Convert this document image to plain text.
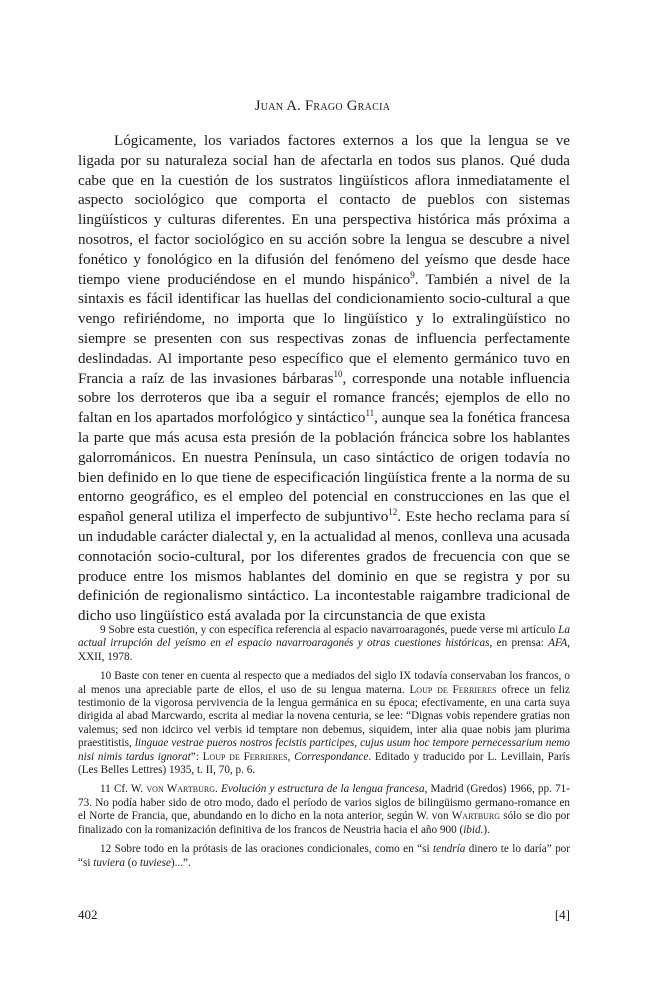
Juan A. Frago Gracia

Lógicamente, los variados factores externos a los que la lengua se ve ligada por su naturaleza social han de afectarla en todos sus planos. Qué duda cabe que en la cuestión de los sustratos lingüísticos aflora inmediatamente el aspecto sociológico que comporta el contacto de pueblos con sistemas lingüísticos y culturas diferentes. En una perspectiva histórica más próxima a nosotros, el factor sociológico en su acción sobre la lengua se descubre a nivel fonético y fonológico en la difusión del fenómeno del yeísmo que desde hace tiempo viene produciéndose en el mundo hispánico$^9$. También a nivel de la sintaxis es fácil identificar las huellas del condicionamiento socio-cultural a que vengo refiriéndome, no importa que lo lingüístico y lo extralingüístico no siempre se presenten con sus respectivas zonas de influencia perfectamente deslindadas. Al importante peso específico que el elemento germánico tuvo en Francia a raíz de las invasiones bárbaras$^{10}$, corresponde una notable influencia sobre los derroteros que iba a seguir el romance francés; ejemplos de ello no faltan en los apartados morfológico y sintáctico$^{11}$, aunque sea la fonética francesa la parte que más acusa esta presión de la población fráncica sobre los hablantes galorrománicos. En nuestra Península, un caso sintáctico de origen todavía no bien definido en lo que tiene de especificación lingüística frente a la norma de su entorno geográfico, es el empleo del potencial en construcciones en las que el español general utiliza el imperfecto de subjuntivo$^{12}$. Este hecho reclama para sí un indudable carácter dialectal y, en la actualidad al menos, conlleva una acusada connotación socio-cultural, por los diferentes grados de frecuencia con que se produce entre los mismos hablantes del dominio en que se registra y por su definición de regionalismo sintáctico. La incontestable raigambre tradicional de dicho uso lingüístico está avalada por la circunstancia de que exista

9 Sobre esta cuestión, y con específica referencia al espacio navarroaragonés, puede verse mi artículo La actual irrupción del yeísmo en el espacio navarroaragonés y otras cuestiones históricas, en prensa: AFA, XXII, 1978.

10 Baste con tener en cuenta al respecto que a mediados del siglo IX todavía conservaban los francos, o al menos una apreciable parte de ellos, el uso de su lengua materna. Loup de Ferrieres ofrece un feliz testimonio de la vigorosa pervivencia de la lengua germánica en su época; efectivamente, en una carta suya dirigida al abad Marcwardo, escrita al mediar la novena centuria, se lee: “Dignas vobis rependere gratias non valemus; sed non idcirco vel verbis id temptare non debemus, siquidem, inter alia quae nobis jam plurima praestitistis, linguae vestrae pueros nostros fecistis participes, cujus usum hoc tempore pernecessarium nemo nisi nimis tardus ignorat”: Loup de Ferrieres, Correspondance. Editado y traducido por L. Levillain, París (Les Belles Lettres) 1935, t. II, 70, p. 6.

11 Cf. W. von Wartburg. Evolución y estructura de la lengua francesa, Madrid (Gredos) 1966, pp. 71-73. No podía haber sido de otro modo, dado el período de varios siglos de bilingüismo germano-romance en el Norte de Francia, que, abundando en lo dicho en la nota anterior, según W. von Wartburg sólo se dio por finalizado con la romanización definitiva de los francos de Neustria hacia el año 900 (ibid.).

12 Sobre todo en la prótasis de las oraciones condicionales, como en “si tendría dinero te lo daría” por “si tuviera (o tuviese)...”.

402	[4]
